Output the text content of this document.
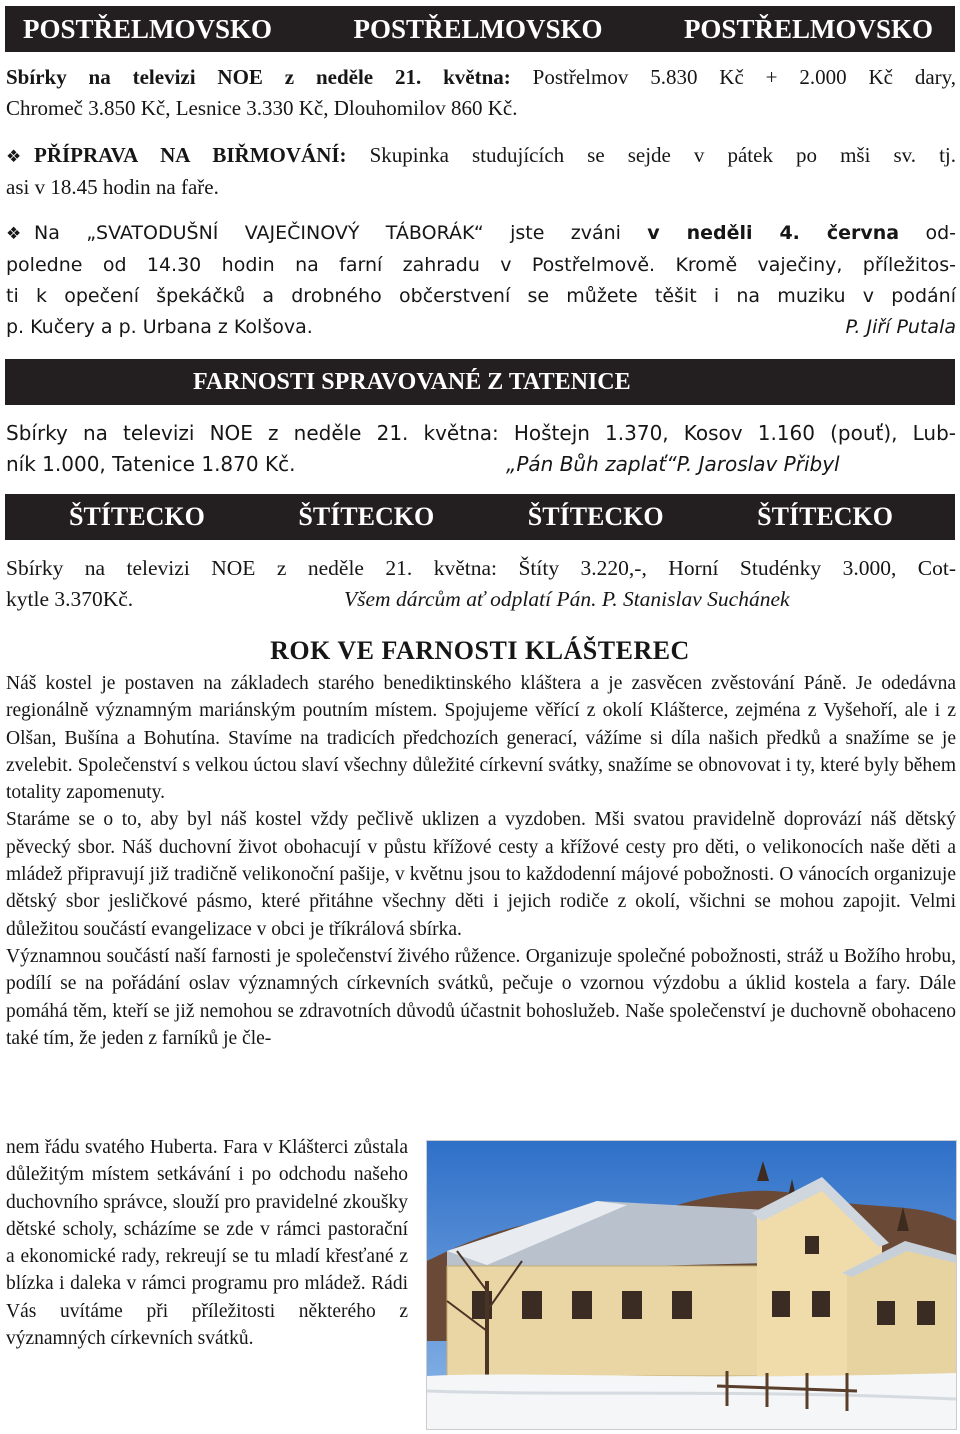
POSTŘELMOVSKO	POSTŘELMOVSKO	POSTŘELMOVSKO

Sbírky na televizi NOE z neděle 21. května: Postřelmov 5.830 Kč + 2.000 Kč dary,

Chromeč 3.850 Kč, Lesnice 3.330 Kč, Dlouhomilov 860 Kč.

❖ PŘÍPRAVA NA BIŘMOVÁNÍ: Skupinka studujících se sejde v pátek po mši sv. tj.

asi v 18.45 hodin na faře.

❖ Na „SVATODUŠNÍ VAJEČINOVÝ TÁBORÁK“ jste zváni v neděli 4. června od-

poledne od 14.30 hodin na farní zahradu v Postřelmově. Kromě vaječiny, příležitos-

ti k opečení špekáčků a drobného občerstvení se můžete těšit i na muziku v podání

p. Kučery a p. Urbana z Kolšova.	P. Jiří Putala

FARNOSTI SPRAVOVANÉ Z TATENICE

Sbírky na televizi NOE z neděle 21. května: Hoštejn 1.370, Kosov 1.160 (pouť), Lub-

ník 1.000, Tatenice 1.870 Kč.	„Pán Bůh zaplať“P. Jaroslav Přibyl

ŠTÍTECKO	ŠTÍTECKO	ŠTÍTECKO	ŠTÍTECKO

Sbírky na televizi NOE z neděle 21. května: Štíty 3.220,-, Horní Studénky 3.000, Cot-

kytle 3.370Kč.	Všem dárcům ať odplatí Pán. P. Stanislav Suchánek

ROK VE FARNOSTI KLÁŠTEREC

Náš kostel je postaven na základech starého benediktinského kláštera a je zasvěcen zvěstování Páně. Je odedávna regionálně významným mariánským poutním místem. Spojujeme věřící z okolí Klášterce, zejména z Vyšehoří, ale i z Olšan, Bušína a Bohutína. Stavíme na tradicích předchozích generací, vážíme si díla našich předků a snažíme se je zvelebit. Společenství s velkou úctou slaví všechny důležité církevní svátky, snažíme se obnovovat i ty, které byly během totality zapomenuty.

Staráme se o to, aby byl náš kostel vždy pečlivě uklizen a vyzdoben. Mši svatou pravidelně doprovází náš dětský pěvecký sbor. Náš duchovní život obohacují v půstu křížové cesty a křížové cesty pro děti, o velikonocích naše děti a mládež připravují již tradičně velikonoční pašije, v květnu jsou to každodenní májové pobožnosti. O vánocích organizuje dětský sbor jesličkové pásmo, které přitáhne všechny děti i jejich rodiče z okolí, všichni se mohou zapojit. Velmi důležitou součástí evangelizace v obci je tříkrálová sbírka.

Významnou součástí naší farnosti je společenství živého růžence. Organizuje společné pobožnosti, stráž u Božího hrobu, podílí se na pořádání oslav významných církevních svátků, pečuje o vzornou výzdobu a úklid kostela a fary. Dále pomáhá těm, kteří se již nemohou se zdravotních důvodů účastnit bohoslužeb. Naše společenství je duchovně obohaceno také tím, že jeden z farníků je čle-

nem řádu svatého Huberta. Fara v Klášterci zůstala důležitým místem setkávání i po odchodu našeho duchovního správce, slouží pro pravidelné zkoušky dětské scholy, scházíme se zde v rámci pastorační a ekonomické rady, rekreují se tu mladí křesťané z blízka i daleka v rámci programu pro mládež. Rádi Vás uvítáme při příležitosti některého z významných církevních svátků.
